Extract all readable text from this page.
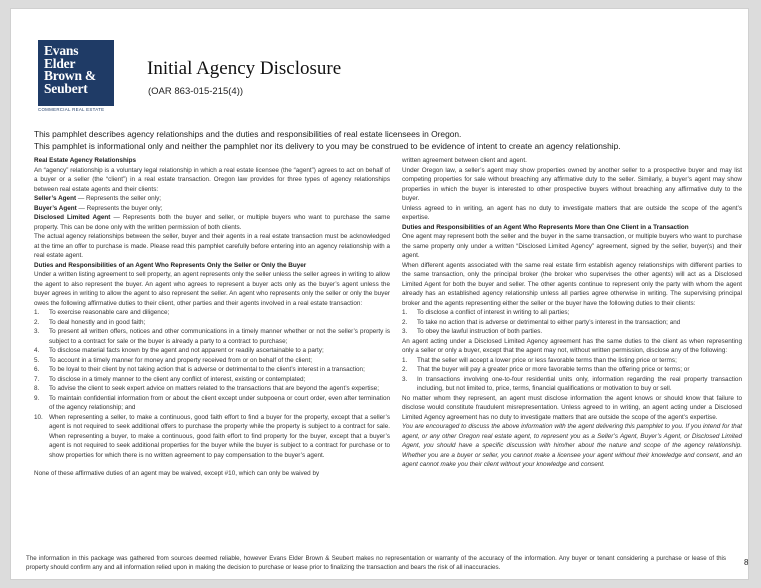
Evans
Elder
Brown &
Seubert
COMMERCIAL REAL ESTATE
Initial Agency Disclosure
(OAR 863-015-215(4))

This pamphlet describes agency relationships and the duties and responsibilities of real estate licensees in Oregon.

This pamphlet is informational only and neither the pamphlet nor its delivery to you may be construed to be evidence of intent to create an agency relationship.

Real Estate Agency Relationships

An “agency” relationship is a voluntary legal relationship in which a real estate licensee (the “agent”) agrees to act on behalf of a buyer or a seller (the “client”) in a real estate transaction. Oregon law provides for three types of agency relationships between real estate agents and their clients:

Seller’s Agent — Represents the seller only;

Buyer’s Agent — Represents the buyer only;

Disclosed Limited Agent — Represents both the buyer and seller, or multiple buyers who want to purchase the same property. This can be done only with the written permission of both clients.

The actual agency relationships between the seller, buyer and their agents in a real estate transaction must be acknowledged at the time an offer to purchase is made. Please read this pamphlet carefully before entering into an agency relationship with a real estate agent.

Duties and Responsibilities of an Agent Who Represents Only the Seller or Only the Buyer

Under a written listing agreement to sell property, an agent represents only the seller unless the seller agrees in writing to allow the agent to also represent the buyer. An agent who agrees to represent a buyer acts only as the buyer’s agent unless the buyer agrees in writing to allow the agent to also represent the seller. An agent who represents only the seller or only the buyer owes the following affirmative duties to their client, other parties and their agents involved in a real estate transaction:

1. To exercise reasonable care and diligence;
2. To deal honestly and in good faith;
3. To present all written offers, notices and other communications in a timely manner whether or not the seller’s property is subject to a contract for sale or the buyer is already a party to a contract to purchase;
4. To disclose material facts known by the agent and not apparent or readily ascertainable to a party;
5. To account in a timely manner for money and property received from or on behalf of the client;
6. To be loyal to their client by not taking action that is adverse or detrimental to the client’s interest in a transaction;
7. To disclose in a timely manner to the client any conflict of interest, existing or contemplated;
8. To advise the client to seek expert advice on matters related to the transactions that are beyond the agent’s expertise;
9. To maintain confidential information from or about the client except under subpoena or court order, even after termination of the agency relationship; and
10. When representing a seller, to make a continuous, good faith effort to find a buyer for the property, except that a seller’s agent is not required to seek additional offers to purchase the property while the property is subject to a contract for sale. When representing a buyer, to make a continuous, good faith effort to find property for the buyer, except that a buyer’s agent is not required to seek additional properties for the buyer while the buyer is subject to a contract for purchase or to show properties for which there is no written agreement to pay compensation to the buyer’s agent.

None of these affirmative duties of an agent may be waived, except #10, which can only be waived by

written agreement between client and agent.

Under Oregon law, a seller’s agent may show properties owned by another seller to a prospective buyer and may list competing properties for sale without breaching any affirmative duty to the seller. Similarly, a buyer’s agent may show properties in which the buyer is interested to other prospective buyers without breaching any affirmative duty to the buyer.

Unless agreed to in writing, an agent has no duty to investigate matters that are outside the scope of the agent’s expertise.

Duties and Responsibilities of an Agent Who Represents More than One Client in a Transaction

One agent may represent both the seller and the buyer in the same transaction, or multiple buyers who want to purchase the same property only under a written “Disclosed Limited Agency” agreement, signed by the seller, buyer(s) and their agent.

When different agents associated with the same real estate firm establish agency relationships with different parties to the same transaction, only the principal broker (the broker who supervises the other agents) will act as a Disclosed Limited Agent for both the buyer and seller. The other agents continue to represent only the party with whom the agent already has an established agency relationship unless all parties agree otherwise in writing. The supervising principal broker and the agents representing either the seller or the buyer have the following duties to their clients:

1. To disclose a conflict of interest in writing to all parties;
2. To take no action that is adverse or detrimental to either party’s interest in the transaction; and
3. To obey the lawful instruction of both parties.

An agent acting under a Disclosed Limited Agency agreement has the same duties to the client as when representing only a seller or only a buyer, except that the agent may not, without written permission, disclose any of the following:

1. That the seller will accept a lower price or less favorable terms than the listing price or terms;
2. That the buyer will pay a greater price or more favorable terms than the offering price or terms; or
3. In transactions involving one-to-four residential units only, information regarding the real property transaction including, but not limited to, price, terms, financial qualifications or motivation to buy or sell.

No matter whom they represent, an agent must disclose information the agent knows or should know that failure to disclose would constitute fraudulent misrepresentation. Unless agreed to in writing, an agent acting under a Disclosed Limited Agency agreement has no duty to investigate matters that are outside the scope of the agent’s expertise.

You are encouraged to discuss the above information with the agent delivering this pamphlet to you. If you intend for that agent, or any other Oregon real estate agent, to represent you as a Seller’s Agent, Buyer’s Agent, or Disclosed Limited Agent, you should have a specific discussion with him/her about the nature and scope of the agency relationship. Whether you are a buyer or seller, you cannot make a licensee your agent without their knowledge and consent, and an agent cannot make you their client without your knowledge and consent.

The information in this package was gathered from sources deemed reliable, however Evans Elder Brown & Seubert makes no representation or warranty of the accuracy of the information. Any buyer or tenant considering a purchase or lease of this property should confirm any and all information relied upon in making the decision to purchase or lease prior to finalizing the transaction and bears the risk of all inaccuracies.
8
